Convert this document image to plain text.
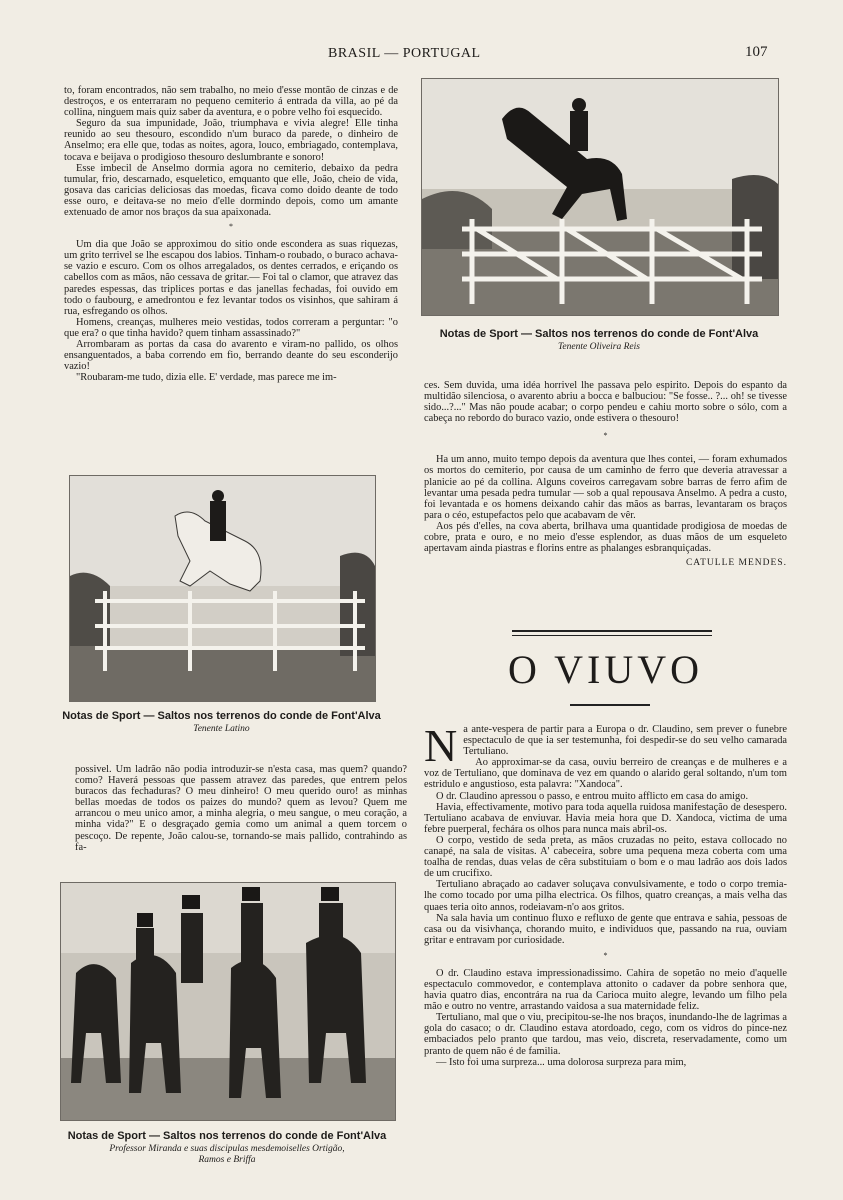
BRASIL — PORTUGAL	107

to, foram encontrados, não sem trabalho, no meio d'esse montão de cinzas e de destroços, e os enterraram no pequeno cemiterio á entrada da villa, ao pé da collina, ninguem mais quiz saber da aventura, e o pobre velho foi esquecido.

Seguro da sua impunidade, João, triumphava e vivia alegre! Elle tinha reunido ao seu thesouro, escondido n'um buraco da parede, o dinheiro de Anselmo; era elle que, todas as noites, agora, louco, embriagado, contemplava, tocava e beijava o prodigioso thesouro deslumbrante e sonoro!

Esse imbecil de Anselmo dormia agora no cemiterio, debaixo da pedra tumular, frio, descarnado, esqueletico, emquanto que elle, João, cheio de vida, gosava das caricias deliciosas das moedas, ficava como doido deante de todo esse ouro, e deitava-se no meio d'elle dormindo depois, como um amante extenuado de amor nos braços da sua apaixonada.

*

Um dia que João se approximou do sitio onde escondera as suas riquezas, um grito terrivel se lhe escapou dos labios. Tinham-o roubado, o buraco achava-se vazio e escuro. Com os olhos arregalados, os dentes cerrados, e eriçando os cabellos com as mãos, não cessava de gritar.— Foi tal o clamor, que atravez das paredes espessas, das triplices portas e das janellas fechadas, foi ouvido em todo o faubourg, e amedrontou e fez levantar todos os visinhos, que sahiram á rua, esfregando os olhos.

Homens, creanças, mulheres meio vestidas, todos correram a perguntar: "o que era? o que tinha havido? quem tinham assassinado?"

Arrombaram as portas da casa do avarento e viram-no pallido, os olhos ensanguentados, a baba correndo em fio, berrando deante do seu esconderijo vazio!

"Roubaram-me tudo, dizia elle. E' verdade, mas parece me im-

Notas de Sport — Saltos nos terrenos do conde de Font'Alva
Tenente Oliveira Reis

ces. Sem duvida, uma idéa horrivel lhe passava pelo espirito. Depois do espanto da multidão silenciosa, o avarento abriu a bocca e balbuciou: "Se fosse.. ?... oh! se tivesse sido...?..." Mas não poude acabar; o corpo pendeu e cahiu morto sobre o sólo, com a cabeça no rebordo do buraco vazio, onde estivera o thesouro!

*

Ha um anno, muito tempo depois da aventura que lhes contei, — foram exhumados os mortos do cemiterio, por causa de um caminho de ferro que deveria atravessar a planicie ao pé da collina. Alguns coveiros carregavam sobre barras de ferro afim de levantar uma pesada pedra tumular — sob a qual repousava Anselmo. A pedra a custo, foi levantada e os homens deixando cahir das mãos as barras, levantaram os braços para o céo, estupefactos pelo que acabavam de vêr.

Aos pés d'elles, na cova aberta, brilhava uma quantidade prodigiosa de moedas de cobre, prata e ouro, e no meio d'esse esplendor, as duas mãos de um esqueleto apertavam ainda piastras e florins entre as phalanges esbranquiçadas.

CATULLE MENDES.
Notas de Sport — Saltos nos terrenos do conde de Font'Alva
Tenente Latino

possivel. Um ladrão não podia introduzir-se n'esta casa, mas quem? quando? como? Haverá pessoas que passem atravez das paredes, que entrem pelos buracos das fechaduras? O meu dinheiro! O meu querido ouro! as minhas bellas moedas de todos os paizes do mundo? quem as levou? Quem me arrancou o meu unico amor, a minha alegria, o meu sangue, o meu coração, a minha vida?" E o desgraçado gemia como um animal a quem torcem o pescoço. De repente, João calou-se, tornando-se mais pallido, contrahindo as fa-

Notas de Sport — Saltos nos terrenos do conde de Font'Alva
Professor Miranda e suas discipulas mesdemoiselles Ortigão,
Ramos e Briffa
O VIUVO
N a ante-vespera de partir para a Europa o dr. Claudino, sem prever o funebre espectaculo de que ia ser testemunha, foi despedir-se do seu velho camarada Tertuliano.

Ao approximar-se da casa, ouviu berreiro de creanças e de mulheres e a voz de Tertuliano, que dominava de vez em quando o alarido geral soltando, n'um tom estridulo e angustioso, esta palavra: "Xandoca".

O dr. Claudino apressou o passo, e entrou muito afflicto em casa do amigo.

Havia, effectivamente, motivo para toda aquella ruidosa manifestação de desespero. Tertuliano acabava de enviuvar. Havia meia hora que D. Xandoca, victima de uma febre puerperal, fechára os olhos para nunca mais abril-os.

O corpo, vestido de seda preta, as mãos cruzadas no peito, estava collocado no canapé, na sala de visitas. A' cabeceira, sobre uma pequena meza coberta com uma toalha de rendas, duas velas de cêra substituiam o bom e o mau ladrão aos dois lados de um crucifixo.

Tertuliano abraçado ao cadaver soluçava convulsivamente, e todo o corpo tremia-lhe como tocado por uma pilha electrica. Os filhos, quatro creanças, a mais velha das quaes teria oito annos, rodeiavam-n'o aos gritos.

Na sala havia um continuo fluxo e refluxo de gente que entrava e sahia, pessoas de casa ou da visivhança, chorando muito, e individuos que, passando na rua, ouviam gritar e entravam por curiosidade.

*

O dr. Claudino estava impressionadissimo. Cahira de sopetão no meio d'aquelle espectaculo commovedor, e contemplava attonito o cadaver da pobre senhora que, havia quatro dias, encontrára na rua da Carioca muito alegre, levando um filho pela mão e outro no ventre, arrastando vaidosa a sua maternidade feliz.

Tertuliano, mal que o viu, precipitou-se-lhe nos braços, inundando-lhe de lagrimas a gola do casaco; o dr. Claudino estava atordoado, cego, com os vidros do pince-nez embaciados pelo pranto que tardou, mas veio, discreta, reservadamente, como um pranto de quem não é de familia.

— Isto foi uma surpreza... uma dolorosa surpreza para mim,
